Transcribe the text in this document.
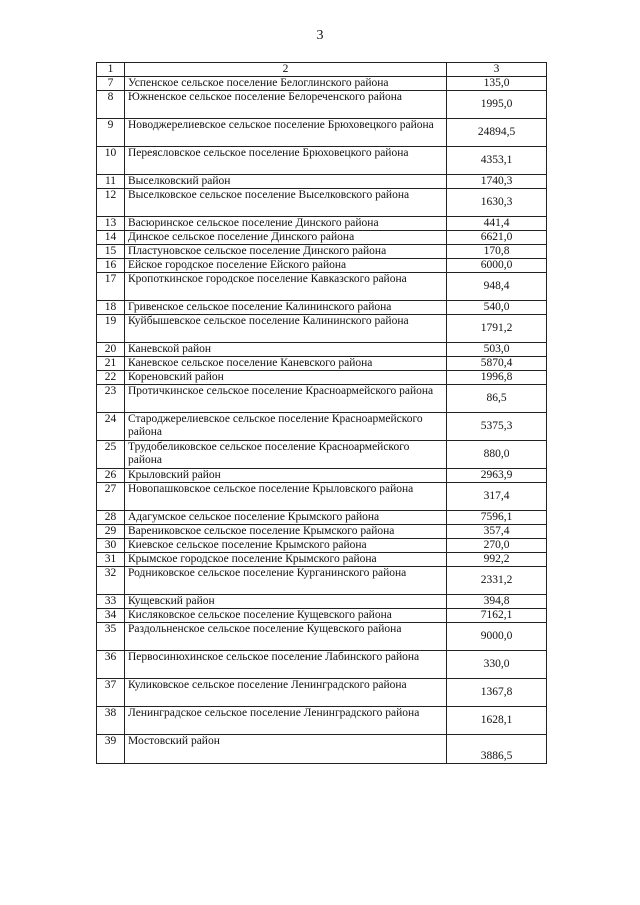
3
1	2	3
7	Успенское сельское поселение Белоглинского района	135,0
8	Южненское сельское поселение Белореченского района	1995,0
9	Новоджерелиевское сельское поселение Брюховецкого района	24894,5
10	Переясловское сельское поселение Брюховецкого района	4353,1
11	Выселковский район	1740,3
12	Выселковское сельское поселение Выселковского района	1630,3
13	Васюринское сельское поселение Динского района	441,4
14	Динское сельское поселение Динского района	6621,0
15	Пластуновское сельское поселение Динского района	170,8
16	Ейское городское поселение Ейского района	6000,0
17	Кропоткинское городское поселение Кавказского района	948,4
18	Гривенское сельское поселение Калининского района	540,0
19	Куйбышевское сельское поселение Калининского района	1791,2
20	Каневской район	503,0
21	Каневское сельское поселение Каневского района	5870,4
22	Кореновский район	1996,8
23	Протичкинское сельское поселение Красноармейского района	86,5
24	Староджерелиевское сельское поселение Красноармейского района	5375,3
25	Трудобеликовское сельское поселение Красноармейского района	880,0
26	Крыловский район	2963,9
27	Новопашковское сельское поселение Крыловского района	317,4
28	Адагумское сельское поселение Крымского района	7596,1
29	Варениковское сельское поселение Крымского района	357,4
30	Киевское сельское поселение Крымского района	270,0
31	Крымское городское поселение Крымского района	992,2
32	Родниковское сельское поселение Курганинского района	2331,2
33	Кущевский район	394,8
34	Кисляковское сельское поселение Кущевского района	7162,1
35	Раздольненское сельское поселение Кущевского района	9000,0
36	Первосинюхинское сельское поселение Лабинского района	330,0
37	Куликовское сельское поселение Ленинградского района	1367,8
38	Ленинградское сельское поселение Ленинградского района	1628,1
39	Мостовский район	3886,5
